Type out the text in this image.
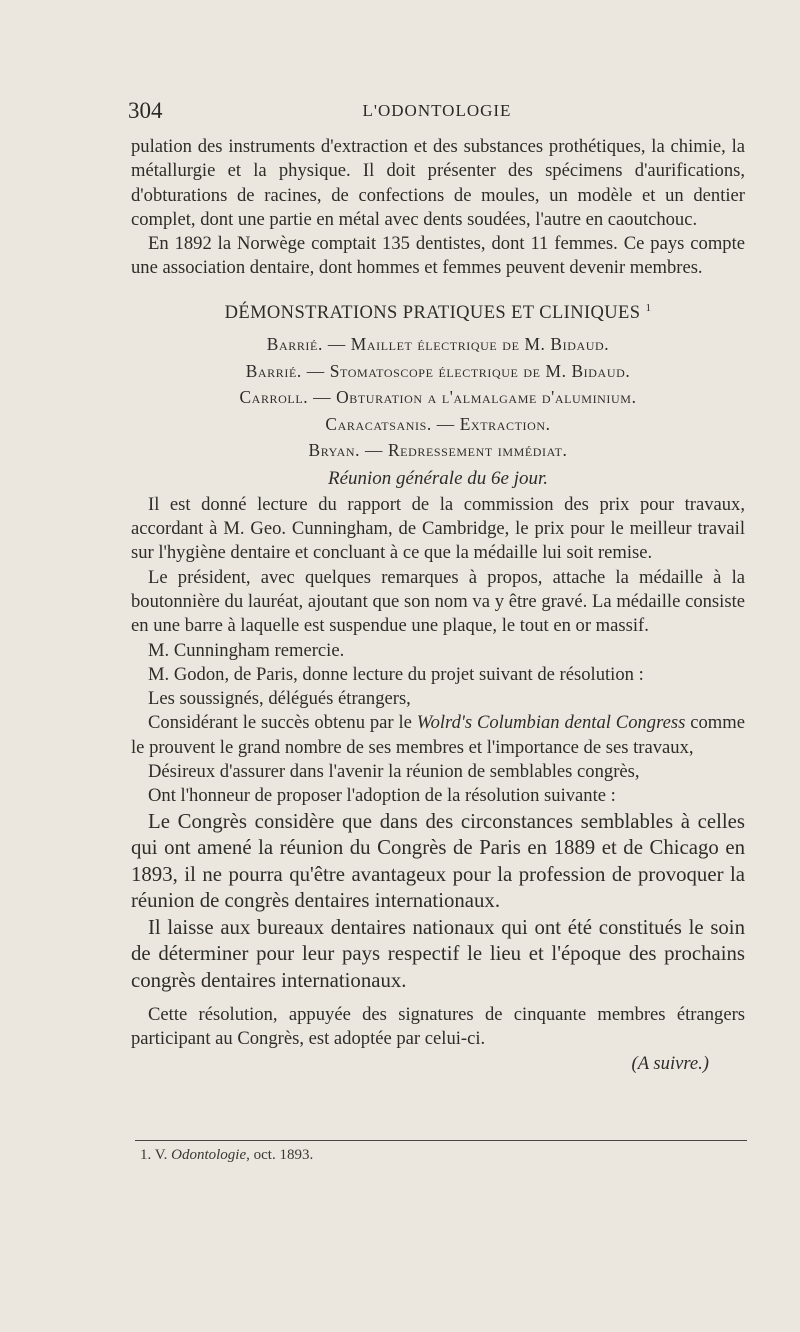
304	L'ODONTOLOGIE

pulation des instruments d'extraction et des substances prothétiques, la chimie, la métallurgie et la physique. Il doit présenter des spécimens d'aurifications, d'obturations de racines, de confections de moules, un modèle et un dentier complet, dont une partie en métal avec dents soudées, l'autre en caoutchouc.

En 1892 la Norwège comptait 135 dentistes, dont 11 femmes. Ce pays compte une association dentaire, dont hommes et femmes peuvent devenir membres.

DÉMONSTRATIONS PRATIQUES ET CLINIQUES $^1$

Barrié. — Maillet électrique de M. Bidaud.

Barrié. — Stomatoscope électrique de M. Bidaud.

Carroll. — Obturation a l'almalgame d'aluminium.

Caracatsanis. — Extraction.

Bryan. — Redressement immédiat.

Réunion générale du 6e jour.

Il est donné lecture du rapport de la commission des prix pour travaux, accordant à M. Geo. Cunningham, de Cambridge, le prix pour le meilleur travail sur l'hygiène dentaire et concluant à ce que la médaille lui soit remise.

Le président, avec quelques remarques à propos, attache la médaille à la boutonnière du lauréat, ajoutant que son nom va y être gravé. La médaille consiste en une barre à laquelle est suspendue une plaque, le tout en or massif.

M. Cunningham remercie.

M. Godon, de Paris, donne lecture du projet suivant de résolution :

Les soussignés, délégués étrangers,

Considérant le succès obtenu par le Wolrd's Columbian dental Congress comme le prouvent le grand nombre de ses membres et l'importance de ses travaux,

Désireux d'assurer dans l'avenir la réunion de semblables congrès,

Ont l'honneur de proposer l'adoption de la résolution suivante :

Le Congrès considère que dans des circonstances semblables à celles qui ont amené la réunion du Congrès de Paris en 1889 et de Chicago en 1893, il ne pourra qu'être avantageux pour la profession de provoquer la réunion de congrès dentaires internationaux.

Il laisse aux bureaux dentaires nationaux qui ont été constitués le soin de déterminer pour leur pays respectif le lieu et l'époque des prochains congrès dentaires internationaux.

Cette résolution, appuyée des signatures de cinquante membres étrangers participant au Congrès, est adoptée par celui-ci.

(A suivre.)

1. V. Odontologie, oct. 1893.
